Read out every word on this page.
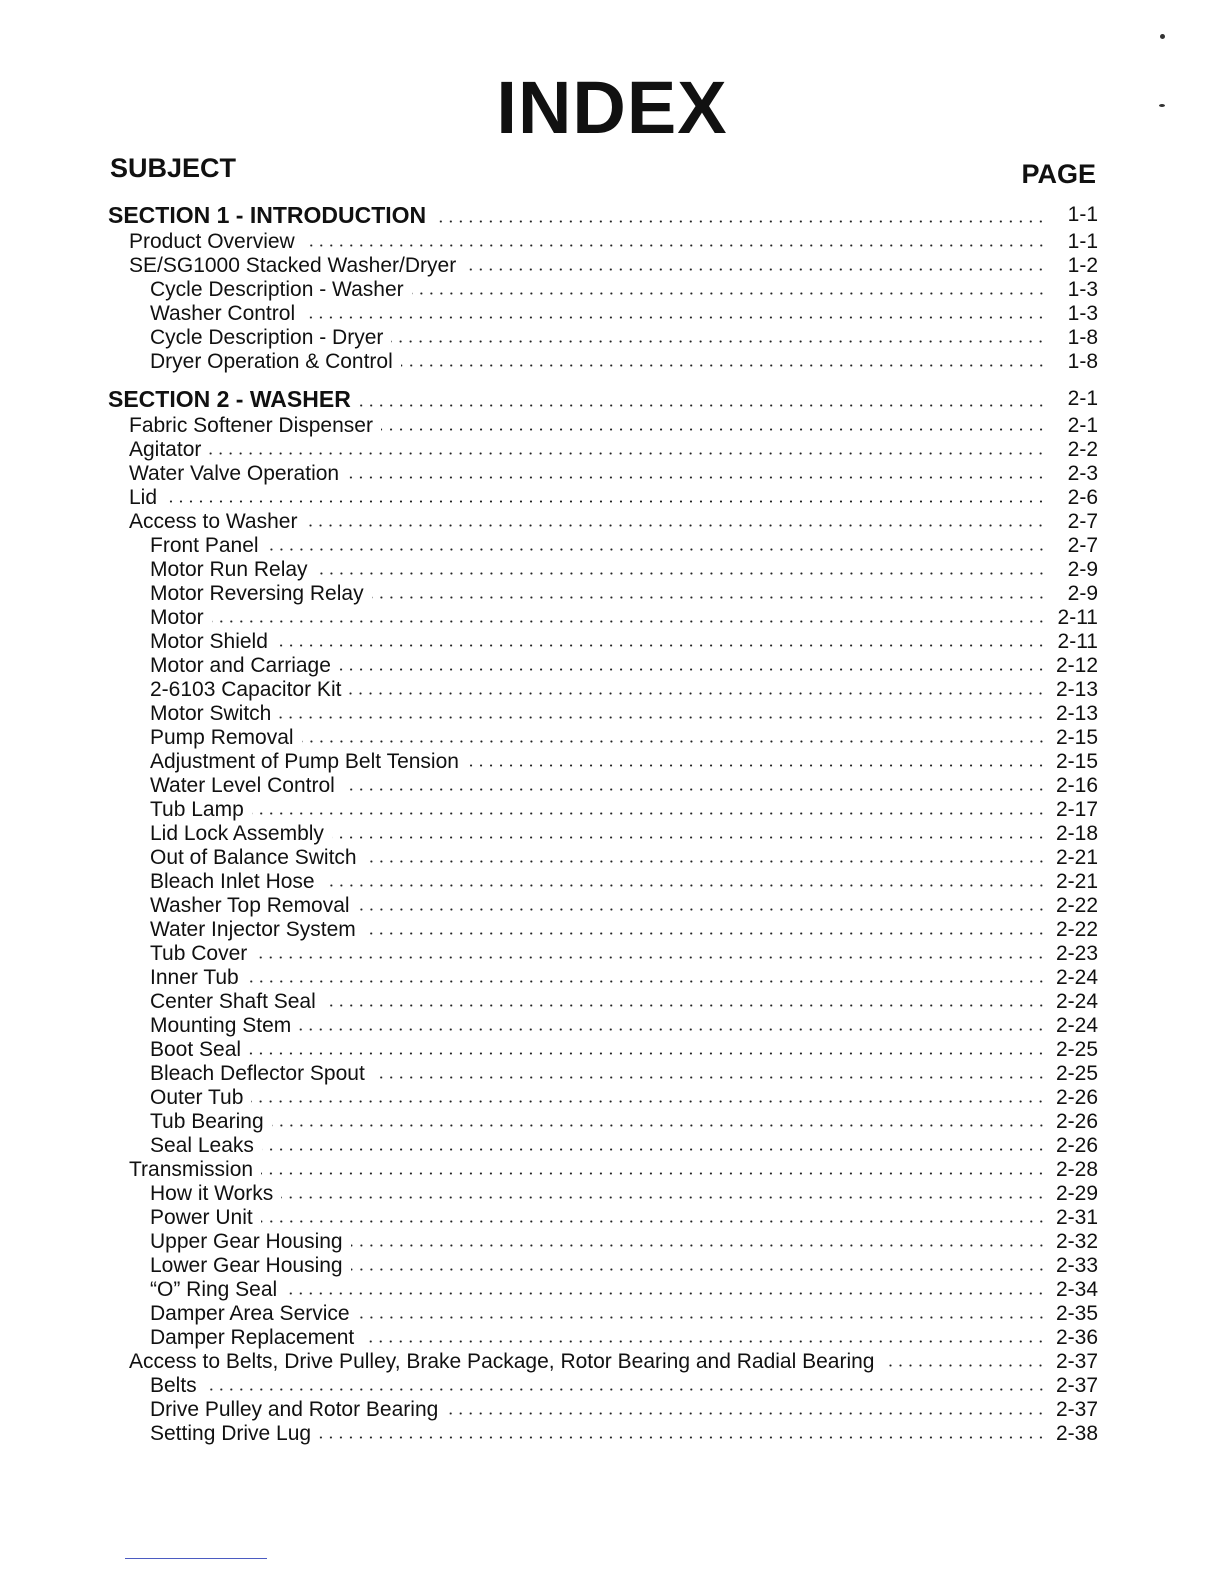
INDEX
SUBJECT	PAGE
SECTION 1 - INTRODUCTION	1-1
Product Overview	1-1
SE/SG1000 Stacked Washer/Dryer	1-2
Cycle Description - Washer	1-3
Washer Control	1-3
Cycle Description - Dryer	1-8
Dryer Operation & Control	1-8
SECTION 2 - WASHER	2-1
Fabric Softener Dispenser	2-1
Agitator	2-2
Water Valve Operation	2-3
Lid	2-6
Access to Washer	2-7
Front Panel	2-7
Motor Run Relay	2-9
Motor Reversing Relay	2-9
Motor	2-11
Motor Shield	2-11
Motor and Carriage	2-12
2-6103 Capacitor Kit	2-13
Motor Switch	2-13
Pump Removal	2-15
Adjustment of Pump Belt Tension	2-15
Water Level Control	2-16
Tub Lamp	2-17
Lid Lock Assembly	2-18
Out of Balance Switch	2-21
Bleach Inlet Hose	2-21
Washer Top Removal	2-22
Water Injector System	2-22
Tub Cover	2-23
Inner Tub	2-24
Center Shaft Seal	2-24
Mounting Stem	2-24
Boot Seal	2-25
Bleach Deflector Spout	2-25
Outer Tub	2-26
Tub Bearing	2-26
Seal Leaks	2-26
Transmission	2-28
How it Works	2-29
Power Unit	2-31
Upper Gear Housing	2-32
Lower Gear Housing	2-33
“O” Ring Seal	2-34
Damper Area Service	2-35
Damper Replacement	2-36
Access to Belts, Drive Pulley, Brake Package, Rotor Bearing and Radial Bearing	2-37
Belts	2-37
Drive Pulley and Rotor Bearing	2-37
Setting Drive Lug	2-38
